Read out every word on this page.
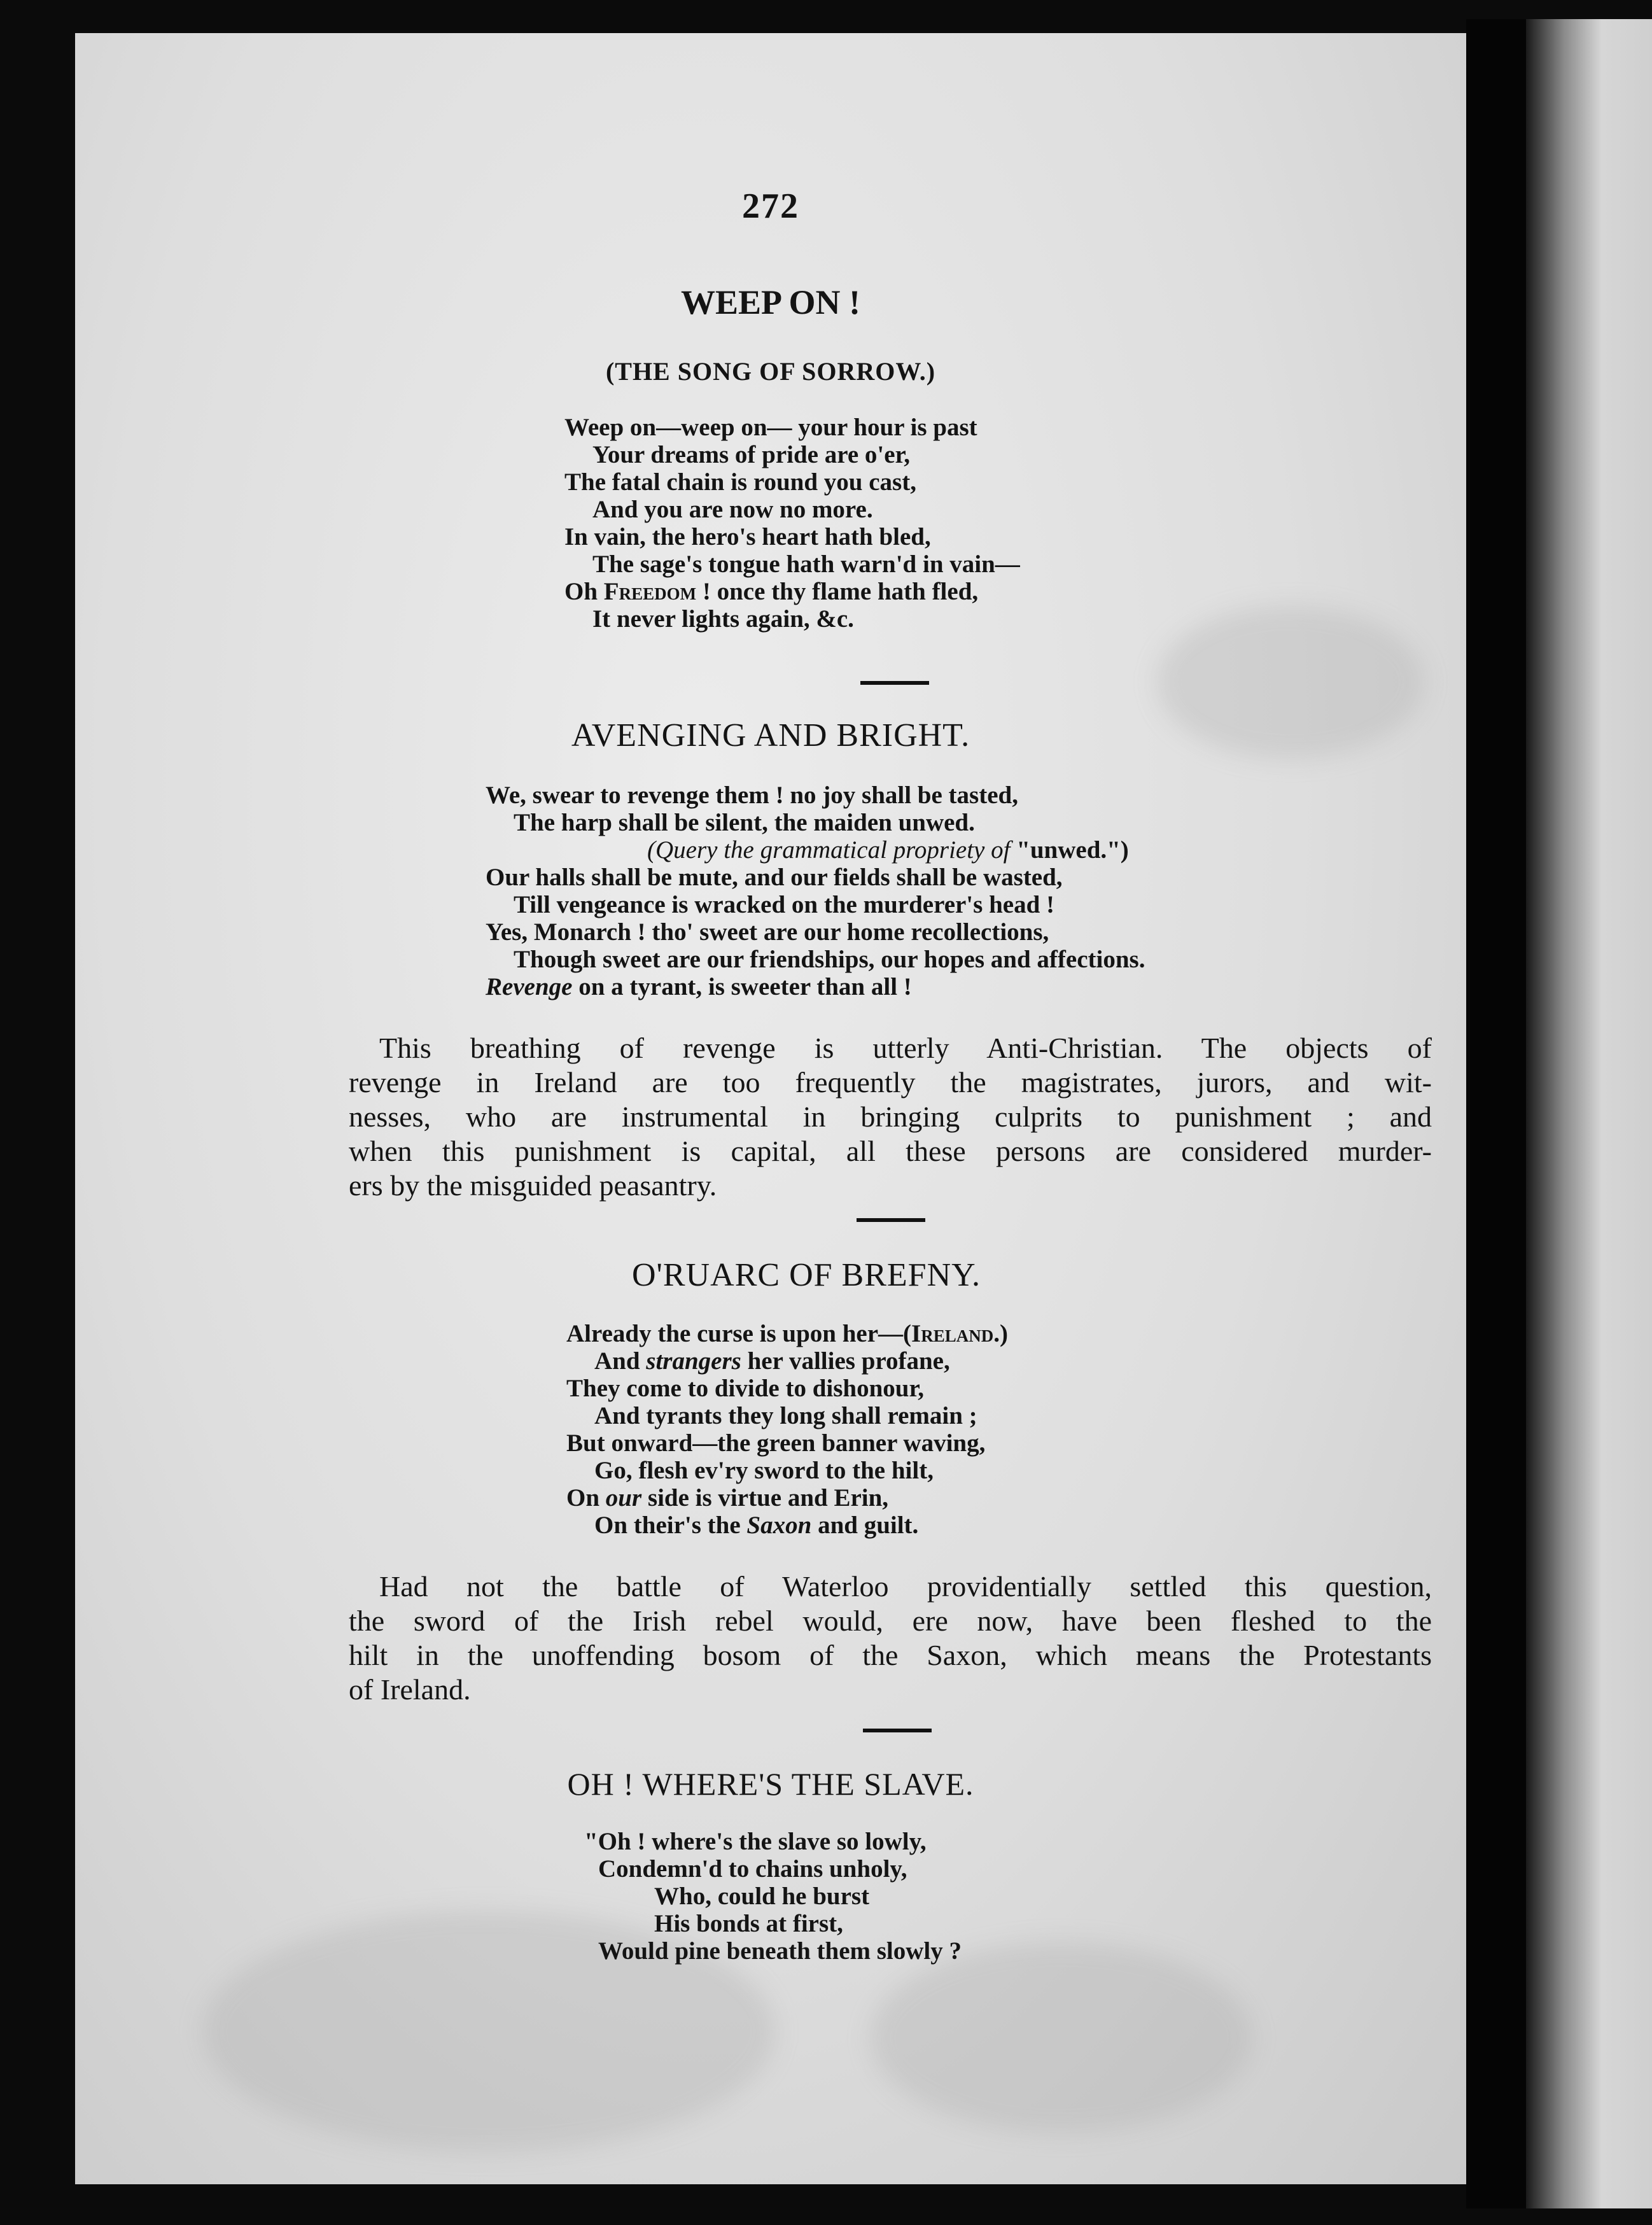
272
WEEP ON !
(THE SONG OF SORROW.)
Weep on—weep on— your hour is past
Your dreams of pride are o'er,
The fatal chain is round you cast,
And you are now no more.
In vain, the hero's heart hath bled,
The sage's tongue hath warn'd in vain—
Oh Freedom ! once thy flame hath fled,
It never lights again, &c.
AVENGING AND BRIGHT.
We, swear to revenge them ! no joy shall be tasted,
The harp shall be silent, the maiden unwed.
(Query the grammatical propriety of "unwed.")
Our halls shall be mute, and our fields shall be wasted,
Till vengeance is wracked on the murderer's head !
Yes, Monarch ! tho' sweet are our home recollections,
Though sweet are our friendships, our hopes and affections.
Revenge on a tyrant, is sweeter than all !
This breathing of revenge is utterly Anti-Christian. The objects of
revenge in Ireland are too frequently the magistrates, jurors, and wit-
nesses, who are instrumental in bringing culprits to punishment ; and
when this punishment is capital, all these persons are considered murder-
ers by the misguided peasantry.
O'RUARC OF BREFNY.
Already the curse is upon her—(Ireland.)
And strangers her vallies profane,
They come to divide to dishonour,
And tyrants they long shall remain ;
But onward—the green banner waving,
Go, flesh ev'ry sword to the hilt,
On our side is virtue and Erin,
On their's the Saxon and guilt.
Had not the battle of Waterloo providentially settled this question,
the sword of the Irish rebel would, ere now, have been fleshed to the
hilt in the unoffending bosom of the Saxon, which means the Protestants
of Ireland.
OH ! WHERE'S THE SLAVE.
"Oh ! where's the slave so lowly,
Condemn'd to chains unholy,
Who, could he burst
His bonds at first,
Would pine beneath them slowly ?
